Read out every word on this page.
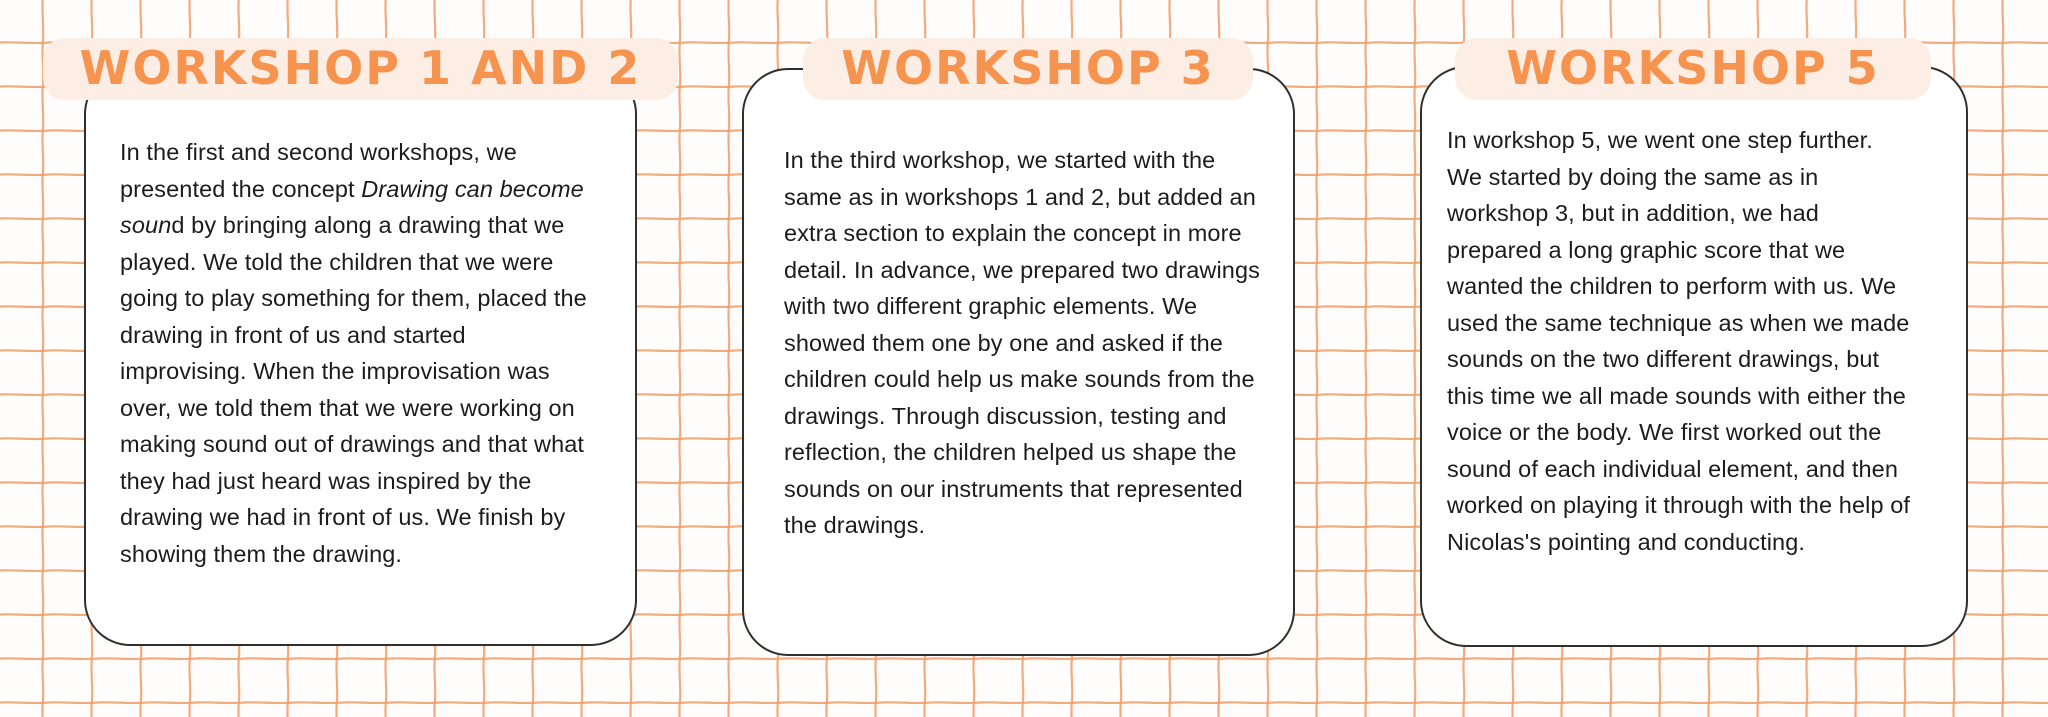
In the first and second workshops, we presented the concept Drawing can become sound by bringing along a drawing that we played. We told the children that we were going to play something for them, placed the drawing in front of us and started improvising. When the improvisation was over, we told them that we were working on making sound out of drawings and that what they had just heard was inspired by the drawing we had in front of us. We finish by showing them the drawing.

In the third workshop, we started with the same as in workshops 1 and 2, but added an extra section to explain the concept in more detail. In advance, we prepared two drawings with two different graphic elements. We showed them one by one and asked if the children could help us make sounds from the drawings. Through discussion, testing and reflection, the children helped us shape the sounds on our instruments that represented the drawings.

In workshop 5, we went one step further. We started by doing the same as in workshop 3, but in addition, we had prepared a long graphic score that we wanted the children to perform with us. We used the same technique as when we made sounds on the two different drawings, but this time we all made sounds with either the voice or the body. We first worked out the sound of each individual element, and then worked on playing it through with the help of Nicolas's pointing and conducting.

WORKSHOP 1 AND 2	WORKSHOP 3	WORKSHOP 5
